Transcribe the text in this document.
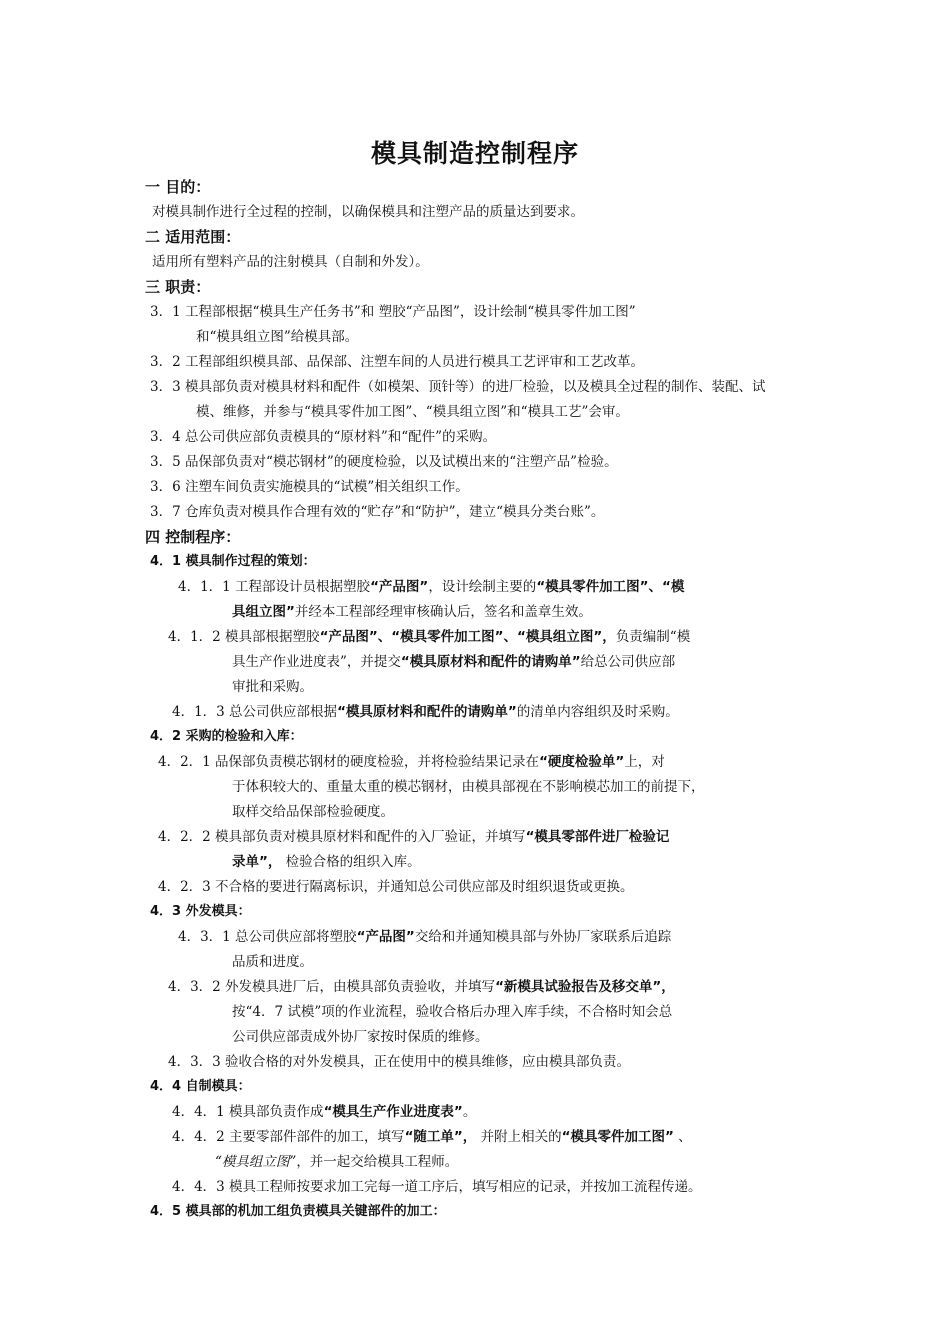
模具制造控制程序
一 目的：
对模具制作进行全过程的控制，以确保模具和注塑产品的质量达到要求。
二 适用范围：
适用所有塑料产品的注射模具（自制和外发）。
三 职责：
3．1 工程部根据“模具生产任务书”和 塑胶“产品图”，设计绘制“模具零件加工图”
和“模具组立图”给模具部。
3．2 工程部组织模具部、品保部、注塑车间的人员进行模具工艺评审和工艺改革。
3．3 模具部负责对模具材料和配件（如模架、顶针等）的进厂检验，以及模具全过程的制作、装配、试
模、维修，并参与“模具零件加工图”、“模具组立图”和“模具工艺”会审。
3．4 总公司供应部负责模具的“原材料”和“配件”的采购。
3．5 品保部负责对“模芯钢材”的硬度检验，以及试模出来的“注塑产品”检验。
3．6 注塑车间负责实施模具的“试模”相关组织工作。
3．7 仓库负责对模具作合理有效的“贮存”和“防护”，建立“模具分类台账”。
四 控制程序：
4．1 模具制作过程的策划：
4．1．1 工程部设计员根据塑胶“产品图”，设计绘制主要的“模具零件加工图”、“模
具组立图”并经本工程部经理审核确认后，签名和盖章生效。
4．1．2 模具部根据塑胶“产品图”、“模具零件加工图”、“模具组立图”，负责编制“模
具生产作业进度表”，并提交“模具原材料和配件的请购单”给总公司供应部
审批和采购。
4．1．3 总公司供应部根据“模具原材料和配件的请购单”的清单内容组织及时采购。
4．2 采购的检验和入库：
4．2．1 品保部负责模芯钢材的硬度检验，并将检验结果记录在“硬度检验单”上，对
于体积较大的、重量太重的模芯钢材，由模具部视在不影响模芯加工的前提下，
取样交给品保部检验硬度。
4．2．2 模具部负责对模具原材料和配件的入厂验证，并填写“模具零部件进厂检验记
录单”， 检验合格的组织入库。
4．2．3 不合格的要进行隔离标识，并通知总公司供应部及时组织退货或更换。
4．3 外发模具：
4．3．1 总公司供应部将塑胶“产品图”交给和并通知模具部与外协厂家联系后追踪
品质和进度。
4．3．2 外发模具进厂后，由模具部负责验收，并填写“新模具试验报告及移交单”，
按“4．7 试模”项的作业流程，验收合格后办理入库手续，不合格时知会总
公司供应部责成外协厂家按时保质的维修。
4．3．3 验收合格的对外发模具，正在使用中的模具维修，应由模具部负责。
4．4 自制模具：
4．4．1 模具部负责作成“模具生产作业进度表”。
4．4．2 主要零部件部件的加工，填写“随工单”， 并附上相关的“模具零件加工图” 、
“模具组立图”，并一起交给模具工程师。
4．4．3 模具工程师按要求加工完每一道工序后，填写相应的记录，并按加工流程传递。
4．5 模具部的机加工组负责模具关键部件的加工：
